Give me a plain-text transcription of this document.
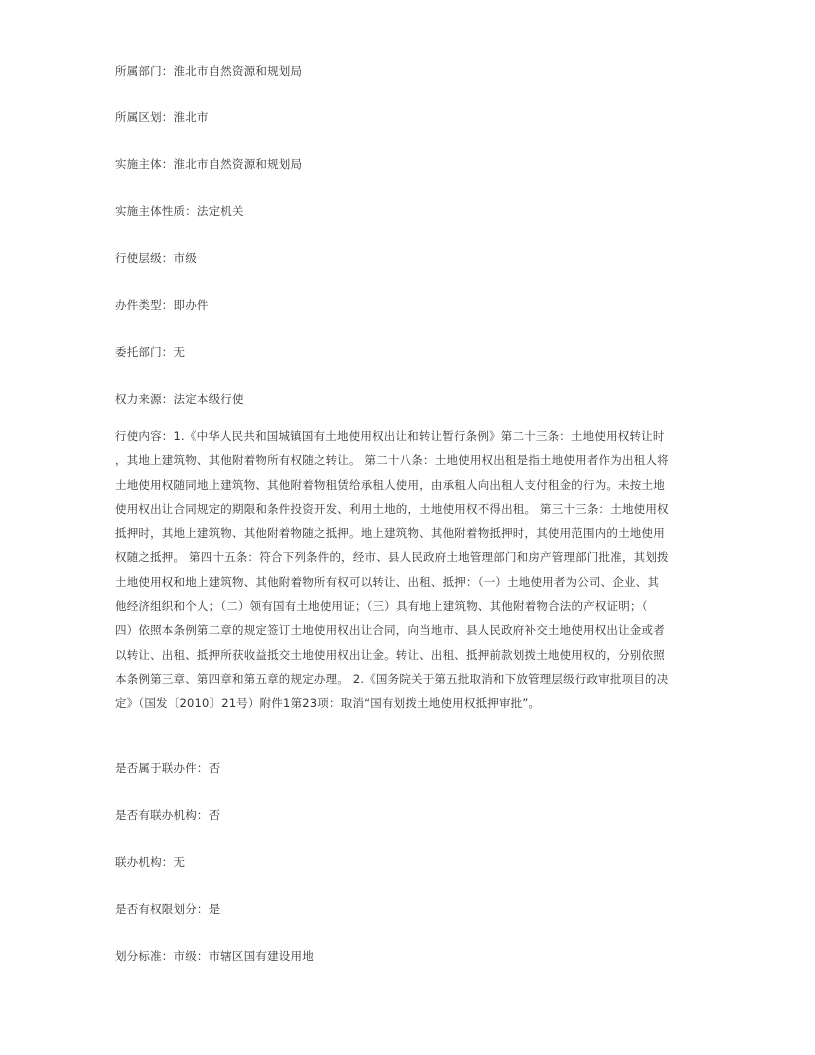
所属部门：淮北市自然资源和规划局
所属区划：淮北市
实施主体：淮北市自然资源和规划局
实施主体性质：法定机关
行使层级：市级
办件类型：即办件
委托部门：无
权力来源：法定本级行使
行使内容：1.《中华人民共和国城镇国有土地使用权出让和转让暂行条例》第二十三条：土地使用权转让时
，其地上建筑物、其他附着物所有权随之转让。 第二十八条：土地使用权出租是指土地使用者作为出租人将
土地使用权随同地上建筑物、其他附着物租赁给承租人使用，由承租人向出租人支付租金的行为。未按土地
使用权出让合同规定的期限和条件投资开发、利用土地的，土地使用权不得出租。 第三十三条：土地使用权
抵押时，其地上建筑物、其他附着物随之抵押。地上建筑物、其他附着物抵押时，其使用范围内的土地使用
权随之抵押。 第四十五条：符合下列条件的，经市、县人民政府土地管理部门和房产管理部门批准，其划拨
土地使用权和地上建筑物、其他附着物所有权可以转让、出租、抵押：（一）土地使用者为公司、企业、其
他经济组织和个人；（二）领有国有土地使用证；（三）具有地上建筑物、其他附着物合法的产权证明；（
四）依照本条例第二章的规定签订土地使用权出让合同，向当地市、县人民政府补交土地使用权出让金或者
以转让、出租、抵押所获收益抵交土地使用权出让金。转让、出租、抵押前款划拨土地使用权的，分别依照
本条例第三章、第四章和第五章的规定办理。 2.《国务院关于第五批取消和下放管理层级行政审批项目的决
定》（国发〔2010〕21号）附件1第23项：取消“国有划拨土地使用权抵押审批”。
是否属于联办件：否
是否有联办机构：否
联办机构：无
是否有权限划分：是
划分标准：市级：市辖区国有建设用地
